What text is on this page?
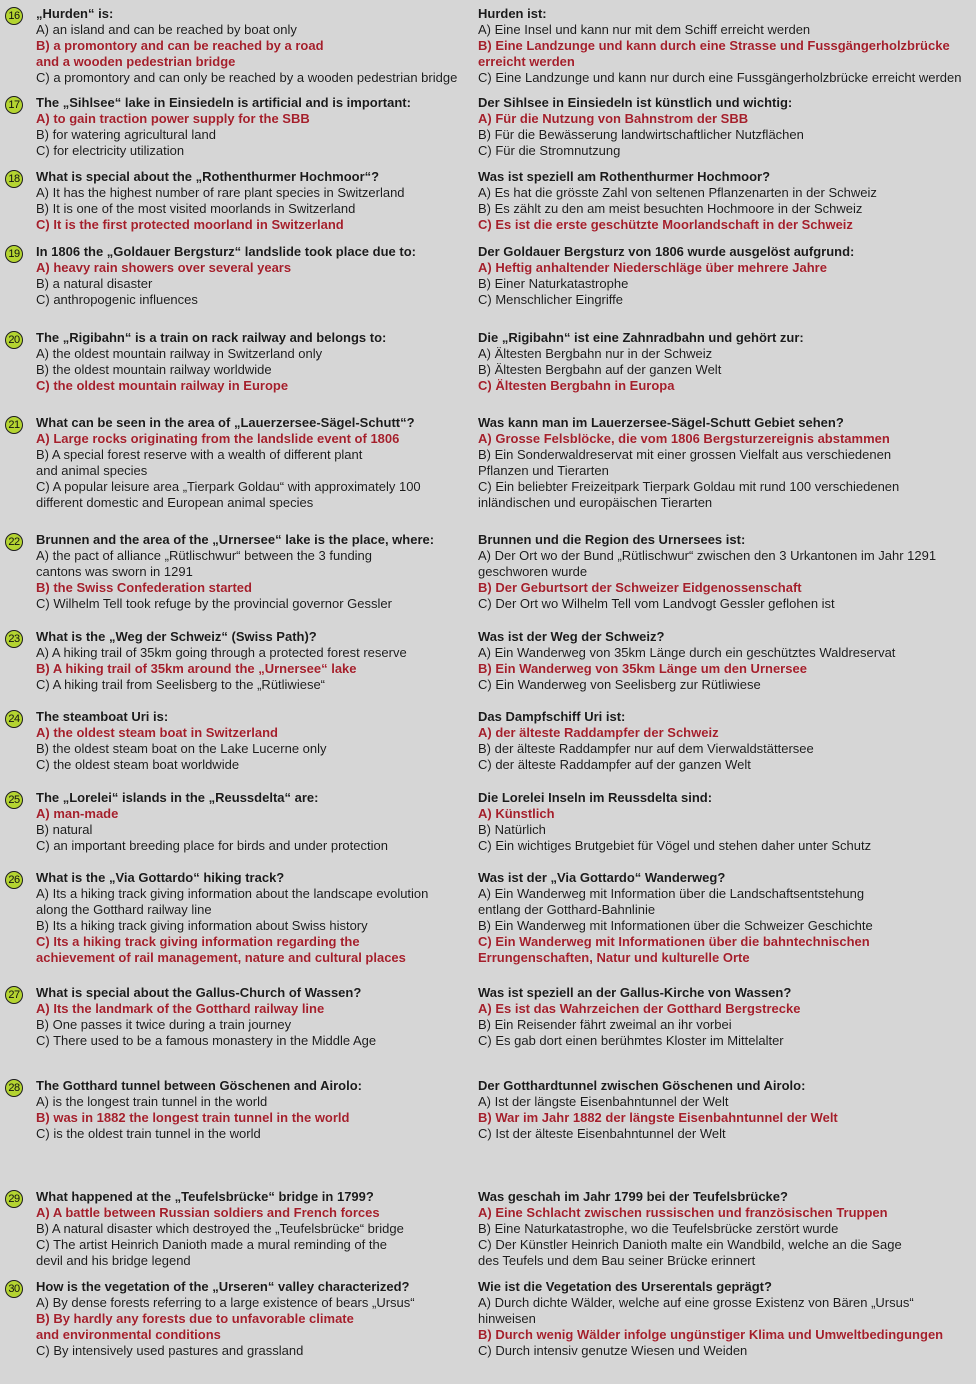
16 „Hurden“ is:
A) an island and can be reached by boat only
B) a promontory and can be reached by a road
and a wooden pedestrian bridge
C) a promontory and can only be reached by a wooden pedestrian bridge
Hurden ist:
A) Eine Insel und kann nur mit dem Schiff erreicht werden
B) Eine Landzunge und kann durch eine Strasse und Fussgängerholzbrücke
erreicht werden
C) Eine Landzunge und kann nur durch eine Fussgängerholzbrücke erreicht werden
17 The „Sihlsee“ lake in Einsiedeln is artificial and is important:
A) to gain traction power supply for the SBB
B) for watering agricultural land
C) for electricity utilization
Der Sihlsee in Einsiedeln ist künstlich und wichtig:
A) Für die Nutzung von Bahnstrom der SBB
B) Für die Bewässerung landwirtschaftlicher Nutzflächen
C) Für die Stromnutzung
18 What is special about the „Rothenthurmer Hochmoor“?
A) It has the highest number of rare plant species in Switzerland
B) It is one of the most visited moorlands in Switzerland
C) It is the first protected moorland in Switzerland
Was ist speziell am Rothenthurmer Hochmoor?
A) Es hat die grösste Zahl von seltenen Pflanzenarten in der Schweiz
B) Es zählt zu den am meist besuchten Hochmoore in der Schweiz
C) Es ist die erste geschützte Moorlandschaft in der Schweiz
19 In 1806 the „Goldauer Bergsturz“ landslide took place due to:
A) heavy rain showers over several years
B) a natural disaster
C) anthropogenic influences
Der Goldauer Bergsturz von 1806 wurde ausgelöst aufgrund:
A) Heftig anhaltender Niederschläge über mehrere Jahre
B) Einer Naturkatastrophe
C) Menschlicher Eingriffe
20 The „Rigibahn“ is a train on rack railway and belongs to:
A) the oldest mountain railway in Switzerland only
B) the oldest mountain railway worldwide
C) the oldest mountain railway in Europe
Die „Rigibahn“ ist eine Zahnradbahn und gehört zur:
A) Ältesten Bergbahn nur in der Schweiz
B) Ältesten Bergbahn auf der ganzen Welt
C) Ältesten Bergbahn in Europa
21 What can be seen in the area of „Lauerzersee-Sägel-Schutt“?
A) Large rocks originating from the landslide event of 1806
B) A special forest reserve with a wealth of different plant
and animal species
C) A popular leisure area „Tierpark Goldau“ with approximately 100
different domestic and European animal species
Was kann man im Lauerzersee-Sägel-Schutt Gebiet sehen?
A) Grosse Felsblöcke, die vom 1806 Bergsturzereignis abstammen
B) Ein Sonderwaldreservat mit einer grossen Vielfalt aus verschiedenen
Pflanzen und Tierarten
C) Ein beliebter Freizeitpark Tierpark Goldau mit rund 100 verschiedenen
inländischen und europäischen Tierarten
22 Brunnen and the area of the „Urnersee“ lake is the place, where:
A) the pact of alliance „Rütlischwur“ between the 3 funding
cantons was sworn in 1291
B) the Swiss Confederation started
C) Wilhelm Tell took refuge by the provincial governor Gessler
Brunnen und die Region des Urnersees ist:
A) Der Ort wo der Bund „Rütlischwur“ zwischen den 3 Urkantonen im Jahr 1291
geschworen wurde
B) Der Geburtsort der Schweizer Eidgenossenschaft
C) Der Ort wo Wilhelm Tell vom Landvogt Gessler geflohen ist
23 What is the „Weg der Schweiz“ (Swiss Path)?
A) A hiking trail of 35km going through a protected forest reserve
B) A hiking trail of 35km around the „Urnersee“ lake
C) A hiking trail from Seelisberg to the „Rütliwiese“
Was ist der Weg der Schweiz?
A) Ein Wanderweg von 35km Länge durch ein geschütztes Waldreservat
B) Ein Wanderweg von 35km Länge um den Urnersee
C) Ein Wanderweg von Seelisberg zur Rütliwiese
24 The steamboat Uri is:
A) the oldest steam boat in Switzerland
B) the oldest steam boat on the Lake Lucerne only
C) the oldest steam boat worldwide
Das Dampfschiff Uri ist:
A) der älteste Raddampfer der Schweiz
B) der älteste Raddampfer nur auf dem Vierwaldstättersee
C) der älteste Raddampfer auf der ganzen Welt
25 The „Lorelei“ islands in the „Reussdelta“ are:
A) man-made
B) natural
C) an important breeding place for birds and under protection
Die Lorelei Inseln im Reussdelta sind:
A) Künstlich
B) Natürlich
C) Ein wichtiges Brutgebiet für Vögel und stehen daher unter Schutz
26 What is the „Via Gottardo“ hiking track?
A) Its a hiking track giving information about the landscape evolution
along the Gotthard railway line
B) Its a hiking track giving information about Swiss history
C) Its a hiking track giving information regarding the
achievement of rail management, nature and cultural places
Was ist der „Via Gottardo“ Wanderweg?
A) Ein Wanderweg mit Information über die Landschaftsentstehung
entlang der Gotthard-Bahnlinie
B) Ein Wanderweg mit Informationen über die Schweizer Geschichte
C) Ein Wanderweg mit Informationen über die bahntechnischen
Errungenschaften, Natur und kulturelle Orte
27 What is special about the Gallus-Church of Wassen?
A) Its the landmark of the Gotthard railway line
B) One passes it twice during a train journey
C) There used to be a famous monastery in the Middle Age
Was ist speziell an der Gallus-Kirche von Wassen?
A) Es ist das Wahrzeichen der Gotthard Bergstrecke
B) Ein Reisender fährt zweimal an ihr vorbei
C) Es gab dort einen berühmtes Kloster im Mittelalter
28 The Gotthard tunnel between Göschenen and Airolo:
A) is the longest train tunnel in the world
B) was in 1882 the longest train tunnel in the world
C) is the oldest train tunnel in the world
Der Gotthardtunnel zwischen Göschenen und Airolo:
A) Ist der längste Eisenbahntunnel der Welt
B) War im Jahr 1882 der längste Eisenbahntunnel der Welt
C) Ist der älteste Eisenbahntunnel der Welt
29 What happened at the „Teufelsbrücke“ bridge in 1799?
A) A battle between Russian soldiers and French forces
B) A natural disaster which destroyed the „Teufelsbrücke“ bridge
C) The artist Heinrich Danioth made a mural reminding of the
devil and his bridge legend
Was geschah im Jahr 1799 bei der Teufelsbrücke?
A) Eine Schlacht zwischen russischen und französischen Truppen
B) Eine Naturkatastrophe, wo die Teufelsbrücke zerstört wurde
C) Der Künstler Heinrich Danioth malte ein Wandbild, welche an die Sage
des Teufels und dem Bau seiner Brücke erinnert
30 How is the vegetation of the „Urseren“ valley characterized?
A) By dense forests referring to a large existence of bears „Ursus“
B) By hardly any forests due to unfavorable climate
and environmental conditions
C) By intensively used pastures and grassland
Wie ist die Vegetation des Urserentals geprägt?
A) Durch dichte Wälder, welche auf eine grosse Existenz von Bären „Ursus“
hinweisen
B) Durch wenig Wälder infolge ungünstiger Klima und Umweltbedingungen
C) Durch intensiv genutze Wiesen und Weiden
